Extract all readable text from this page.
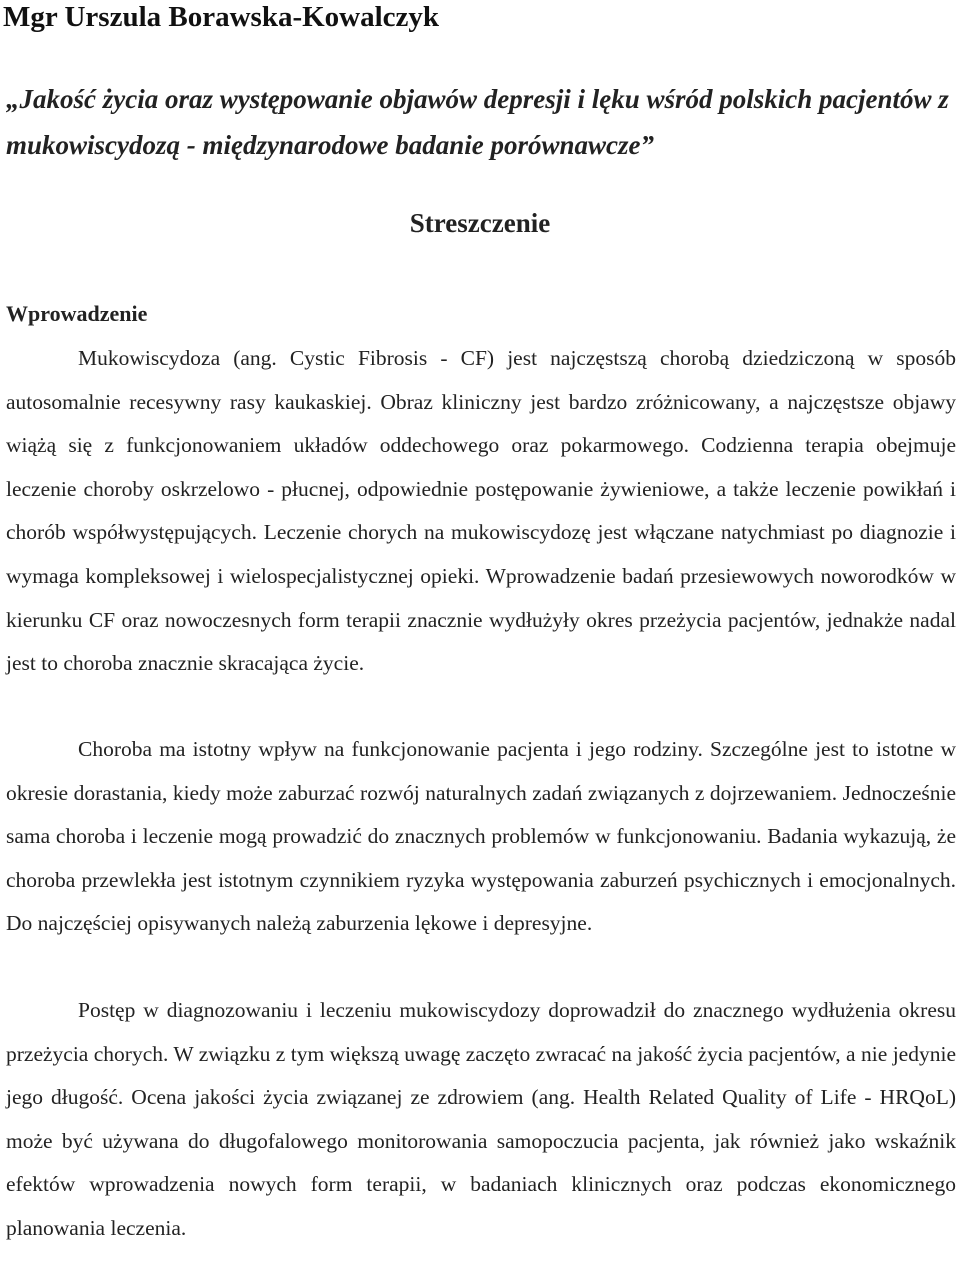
Mgr Urszula Borawska-Kowalczyk
„Jakość życia oraz występowanie objawów depresji i lęku wśród polskich pacjentów z mukowiscydozą - międzynarodowe badanie porównawcze”
Streszczenie
Wprowadzenie

Mukowiscydoza (ang. Cystic Fibrosis - CF) jest najczęstszą chorobą dziedziczoną w sposób autosomalnie recesywny rasy kaukaskiej. Obraz kliniczny jest bardzo zróżnicowany, a najczęstsze objawy wiążą się z funkcjonowaniem układów oddechowego oraz pokarmowego. Codzienna terapia obejmuje leczenie choroby oskrzelowo - płucnej, odpowiednie postępowanie żywieniowe, a także leczenie powikłań i chorób współwystępujących. Leczenie chorych na mukowiscydozę jest włączane natychmiast po diagnozie i wymaga kompleksowej i wielospecjalistycznej opieki. Wprowadzenie badań przesiewowych noworodków w kierunku CF oraz nowoczesnych form terapii znacznie wydłużyły okres przeżycia pacjentów, jednakże nadal jest to choroba znacznie skracająca życie.

Choroba ma istotny wpływ na funkcjonowanie pacjenta i jego rodziny. Szczególne jest to istotne w okresie dorastania, kiedy może zaburzać rozwój naturalnych zadań związanych z dojrzewaniem. Jednocześnie sama choroba i leczenie mogą prowadzić do znacznych problemów w funkcjonowaniu. Badania wykazują, że choroba przewlekła jest istotnym czynnikiem ryzyka występowania zaburzeń psychicznych i emocjonalnych. Do najczęściej opisywanych należą zaburzenia lękowe i depresyjne.

Postęp w diagnozowaniu i leczeniu mukowiscydozy doprowadził do znacznego wydłużenia okresu przeżycia chorych. W związku z tym większą uwagę zaczęto zwracać na jakość życia pacjentów, a nie jedynie jego długość. Ocena jakości życia związanej ze zdrowiem (ang. Health Related Quality of Life - HRQoL) może być używana do długofalowego monitorowania samopoczucia pacjenta, jak również jako wskaźnik efektów wprowadzenia nowych form terapii, w badaniach klinicznych oraz podczas ekonomicznego planowania leczenia.
